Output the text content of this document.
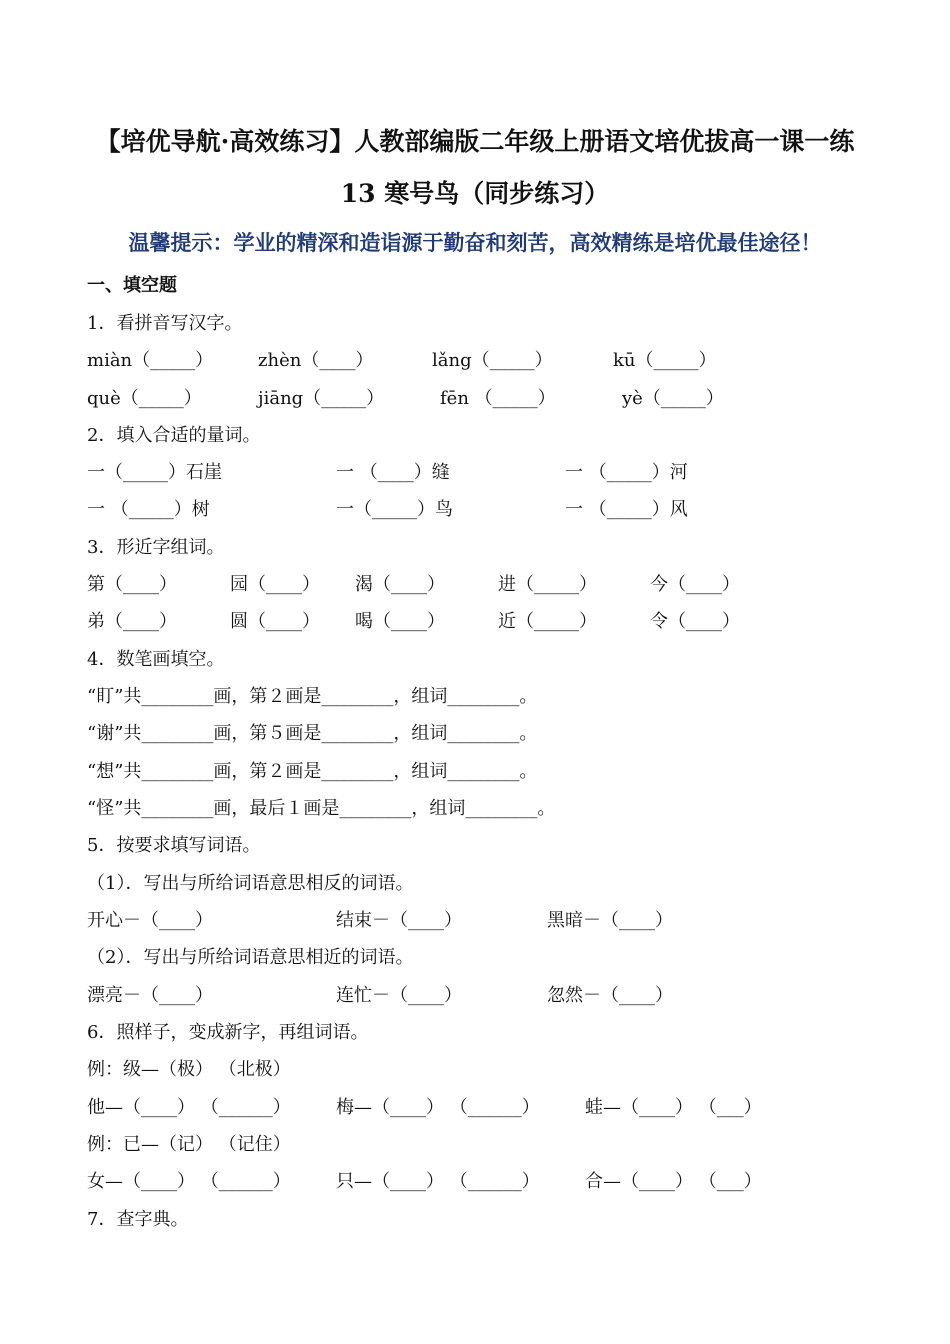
【培优导航·高效练习】人教部编版二年级上册语文培优拔高一课一练
13 寒号鸟（同步练习）
温馨提示：学业的精深和造诣源于勤奋和刻苦，高效精练是培优最佳途径！
一、填空题
1．看拼音写汉字。
miàn（_____） zhèn（____）	lǎng（_____）	kū（_____）
què（_____）	jiāng（_____）	fēn （_____）	yè（_____）
2．填入合适的量词。
一（_____）石崖	一 （____）缝	一 （_____）河
一 （_____）树	一（_____）鸟	一 （_____）风
3．形近字组词。
第（____）	园（____） 渴（____）	进（_____）	今（____）
弟（____）	圆（____） 喝（____）	近（_____）	令（____）
4．数笔画填空。
“盯”共________画，第２画是________，组词________。
“谢”共________画，第５画是________，组词________。
“想”共________画，第２画是________，组词________。
“怪”共________画，最后１画是________，组词________。
5．按要求填写词语。
（1）．写出与所给词语意思相反的词语。
开心－（____）	结束－（____）	黑暗－（____）
（2）．写出与所给词语意思相近的词语。
漂亮－（____）	连忙－（____）	忽然－（____）
6．照样子，变成新字，再组词语。
例：级—（极） （北极）
他—（____） （______）	梅—（____） （______）	蛙—（____） （___）
例：已—（记） （记住）
女—（____） （______）	只—（____） （______）	合—（____） （___）
7．查字典。
